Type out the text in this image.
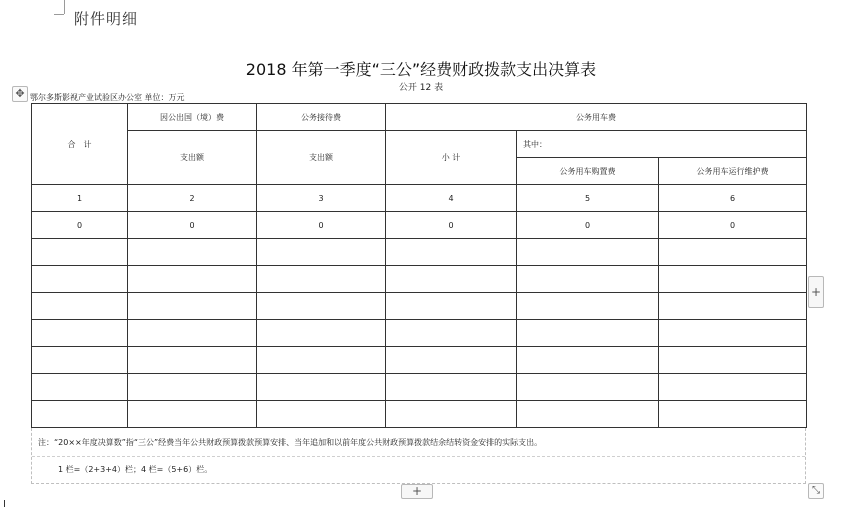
附件明细
2018 年第一季度“三公”经费财政拨款支出决算表
公开 12 表
✥ 鄂尔多斯影视产业试验区办公室 单位：万元
合　计	因公出国（境）费	公务接待费	公务用车费		
	支出额	支出额	小 计	其中：	
				公务用车购置费	公务用车运行维护费
1	2	3	4	5	6
0	0	0	0	0	0

注：“20××年度决算数”指“三公”经费当年公共财政预算拨款预算安排、当年追加和以前年度公共财政预算拨款结余结转资金安排的实际支出。
1 栏=（2+3+4）栏；4 栏=（5+6）栏。
+
+	⤡
